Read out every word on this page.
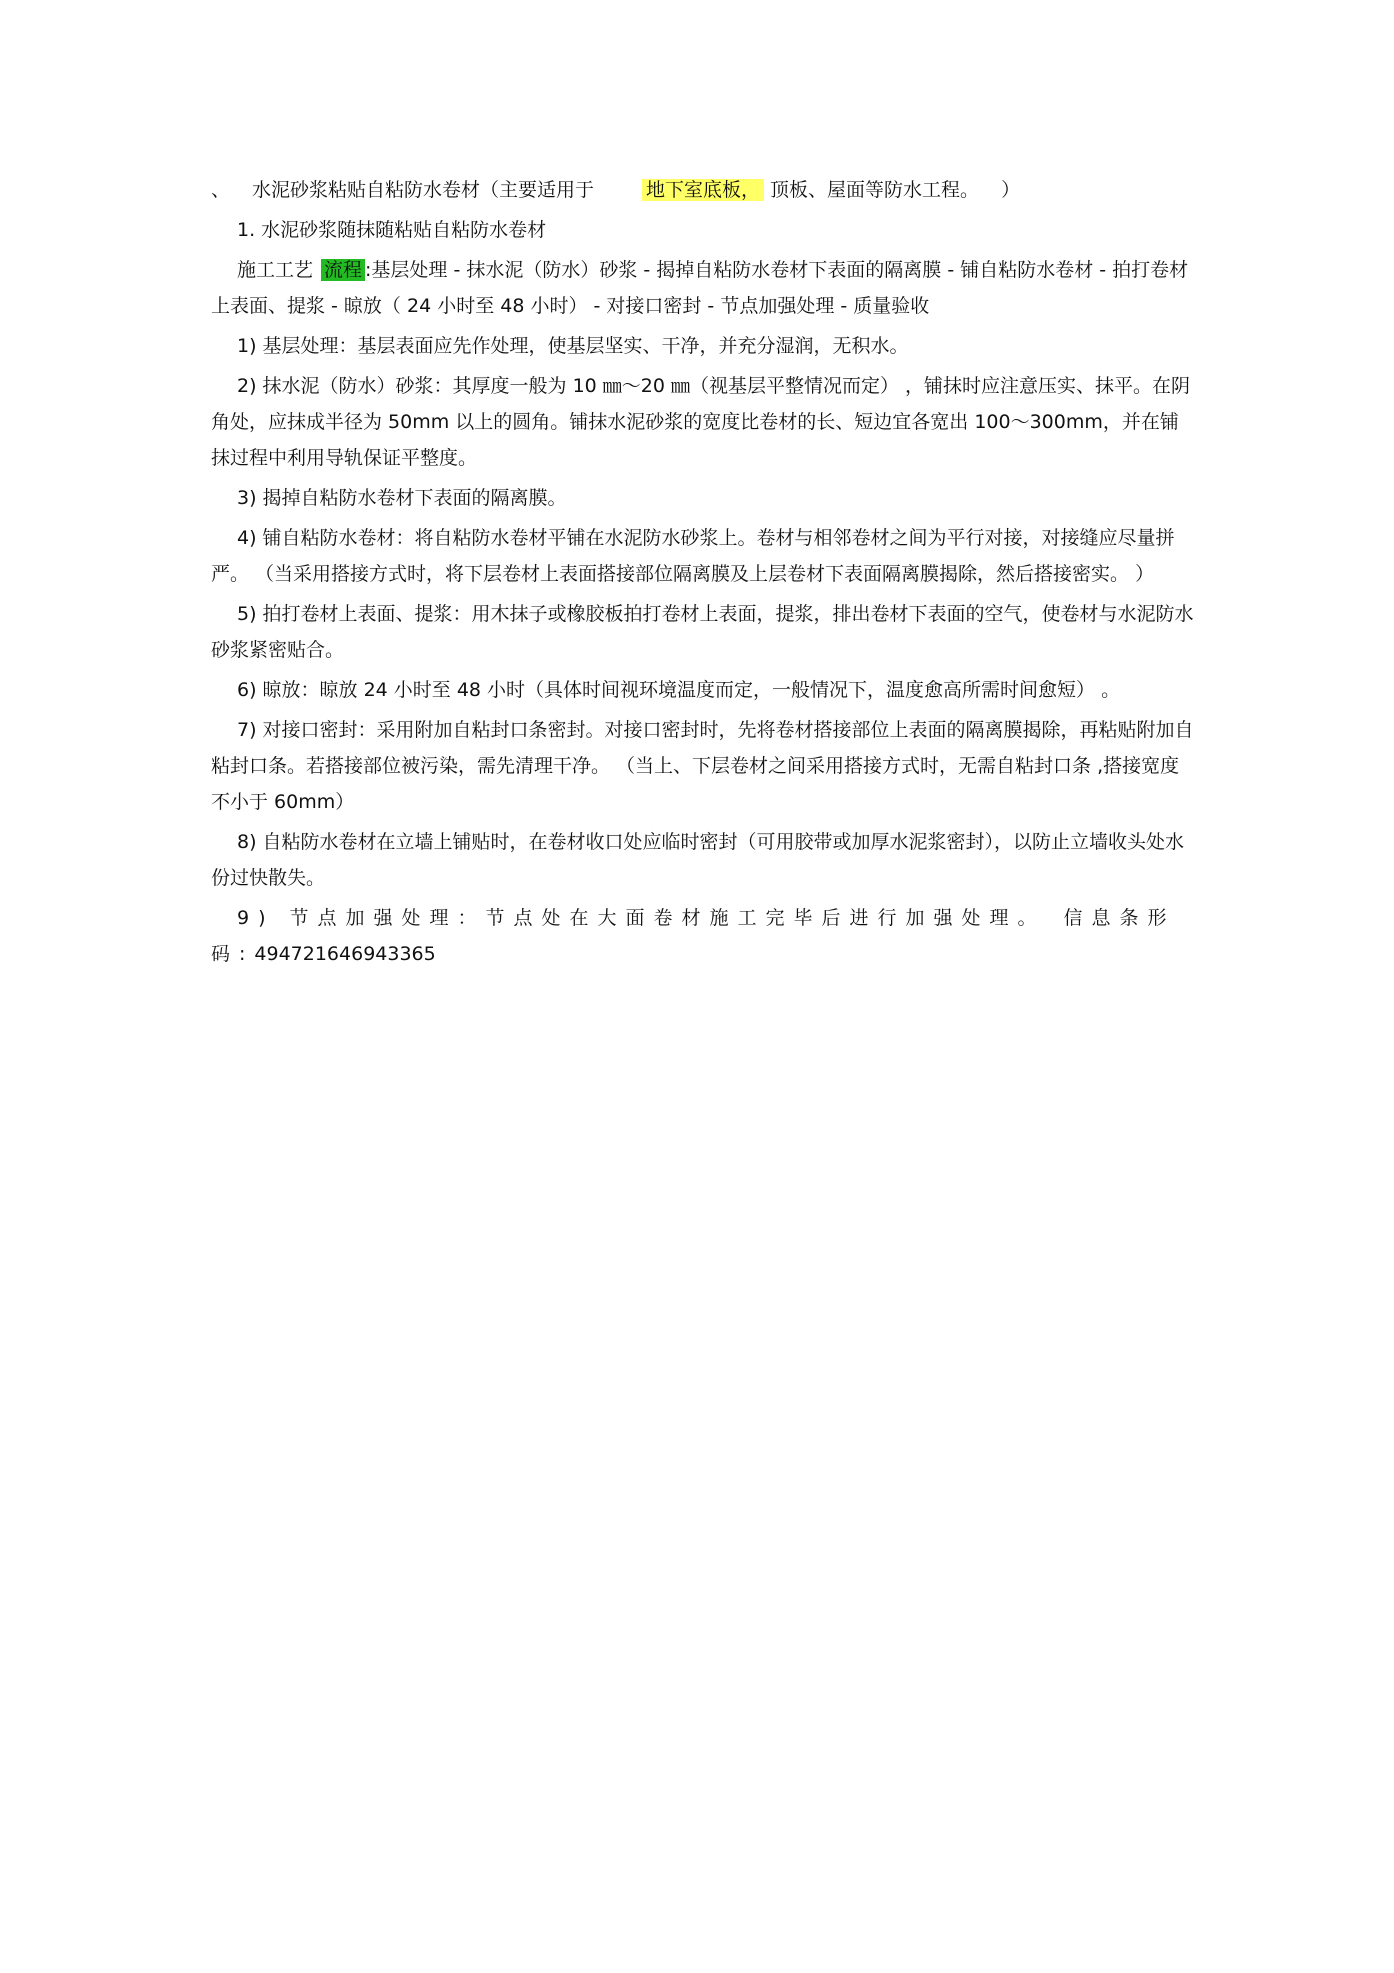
、 水泥砂浆粘贴自粘防水卷材（主要适用于	地下室底板， 顶板、屋面等防水工程。 ）

1. 水泥砂浆随抹随粘贴自粘防水卷材

施工工艺 流程 :基层处理 - 抹水泥（防水）砂浆 - 揭掉自粘防水卷材下表面的隔离膜 - 铺自粘防水卷材 - 拍打卷材上表面、提浆 - 晾放（ 24 小时至 48 小时） - 对接口密封 - 节点加强处理 - 质量验收

1) 基层处理：基层表面应先作处理，使基层坚实、干净，并充分湿润，无积水。

2) 抹水泥（防水）砂浆：其厚度一般为 10 ㎜～20 ㎜（视基层平整情况而定） ，铺抹时应注意压实、抹平。在阴角处，应抹成半径为 50mm 以上的圆角。铺抹水泥砂浆的宽度比卷材的长、短边宜各宽出 100～300mm，并在铺抹过程中利用导轨保证平整度。

3) 揭掉自粘防水卷材下表面的隔离膜。

4) 铺自粘防水卷材：将自粘防水卷材平铺在水泥防水砂浆上。卷材与相邻卷材之间为平行对接，对接缝应尽量拼严。 （当采用搭接方式时，将下层卷材上表面搭接部位隔离膜及上层卷材下表面隔离膜揭除，然后搭接密实。 ）

5) 拍打卷材上表面、提浆：用木抹子或橡胶板拍打卷材上表面，提浆，排出卷材下表面的空气，使卷材与水泥防水砂浆紧密贴合。

6) 晾放：晾放 24 小时至 48 小时（具体时间视环境温度而定，一般情况下，温度愈高所需时间愈短） 。

7) 对接口密封：采用附加自粘封口条密封。对接口密封时，先将卷材搭接部位上表面的隔离膜揭除，再粘贴附加自粘封口条。若搭接部位被污染，需先清理干净。 （当上、下层卷材之间采用搭接方式时，无需自粘封口条 ,搭接宽度不小于 60mm）

8) 自粘防水卷材在立墙上铺贴时，在卷材收口处应临时密封（可用胶带或加厚水泥浆密封），以防止立墙收头处水份过快散失。

9) 节点加强处理：节点处在大面卷材施工完毕后进行加强处理。 信息条形码:494721646943365
